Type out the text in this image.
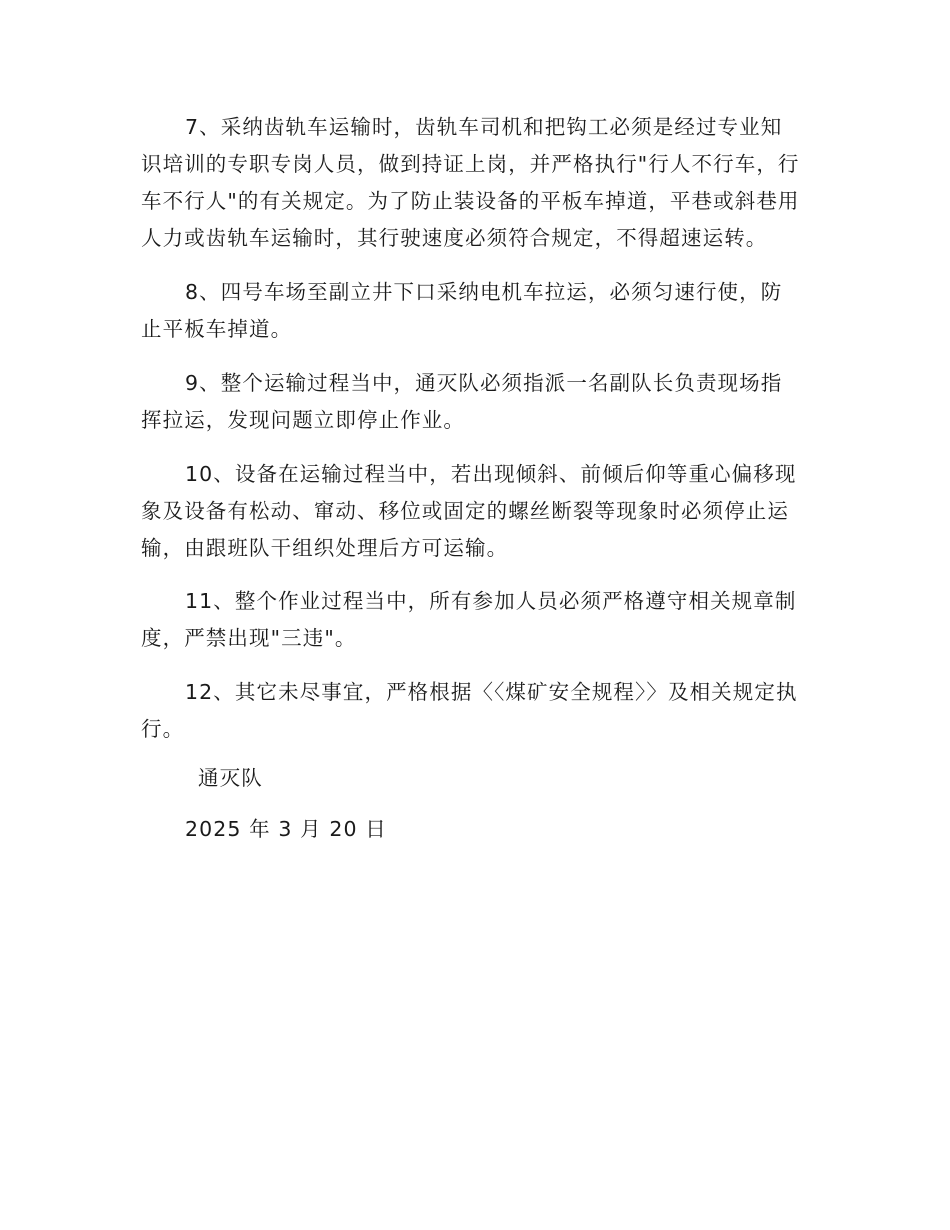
7、采纳齿轨车运输时，齿轨车司机和把钩工必须是经过专业知识培训的专职专岗人员，做到持证上岗，并严格执行"行人不行车，行车不行人"的有关规定。为了防止装设备的平板车掉道，平巷或斜巷用人力或齿轨车运输时，其行驶速度必须符合规定，不得超速运转。

8、四号车场至副立井下口采纳电机车拉运，必须匀速行使，防止平板车掉道。

9、整个运输过程当中，通灭队必须指派一名副队长负责现场指挥拉运，发现问题立即停止作业。

10、设备在运输过程当中，若出现倾斜、前倾后仰等重心偏移现象及设备有松动、窜动、移位或固定的螺丝断裂等现象时必须停止运输，由跟班队干组织处理后方可运输。

11、整个作业过程当中，所有参加人员必须严格遵守相关规章制度，严禁出现"三违"。

12、其它未尽事宜，严格根据〈〈煤矿安全规程〉〉及相关规定执行。

通灭队

2025 年 3 月 20 日
